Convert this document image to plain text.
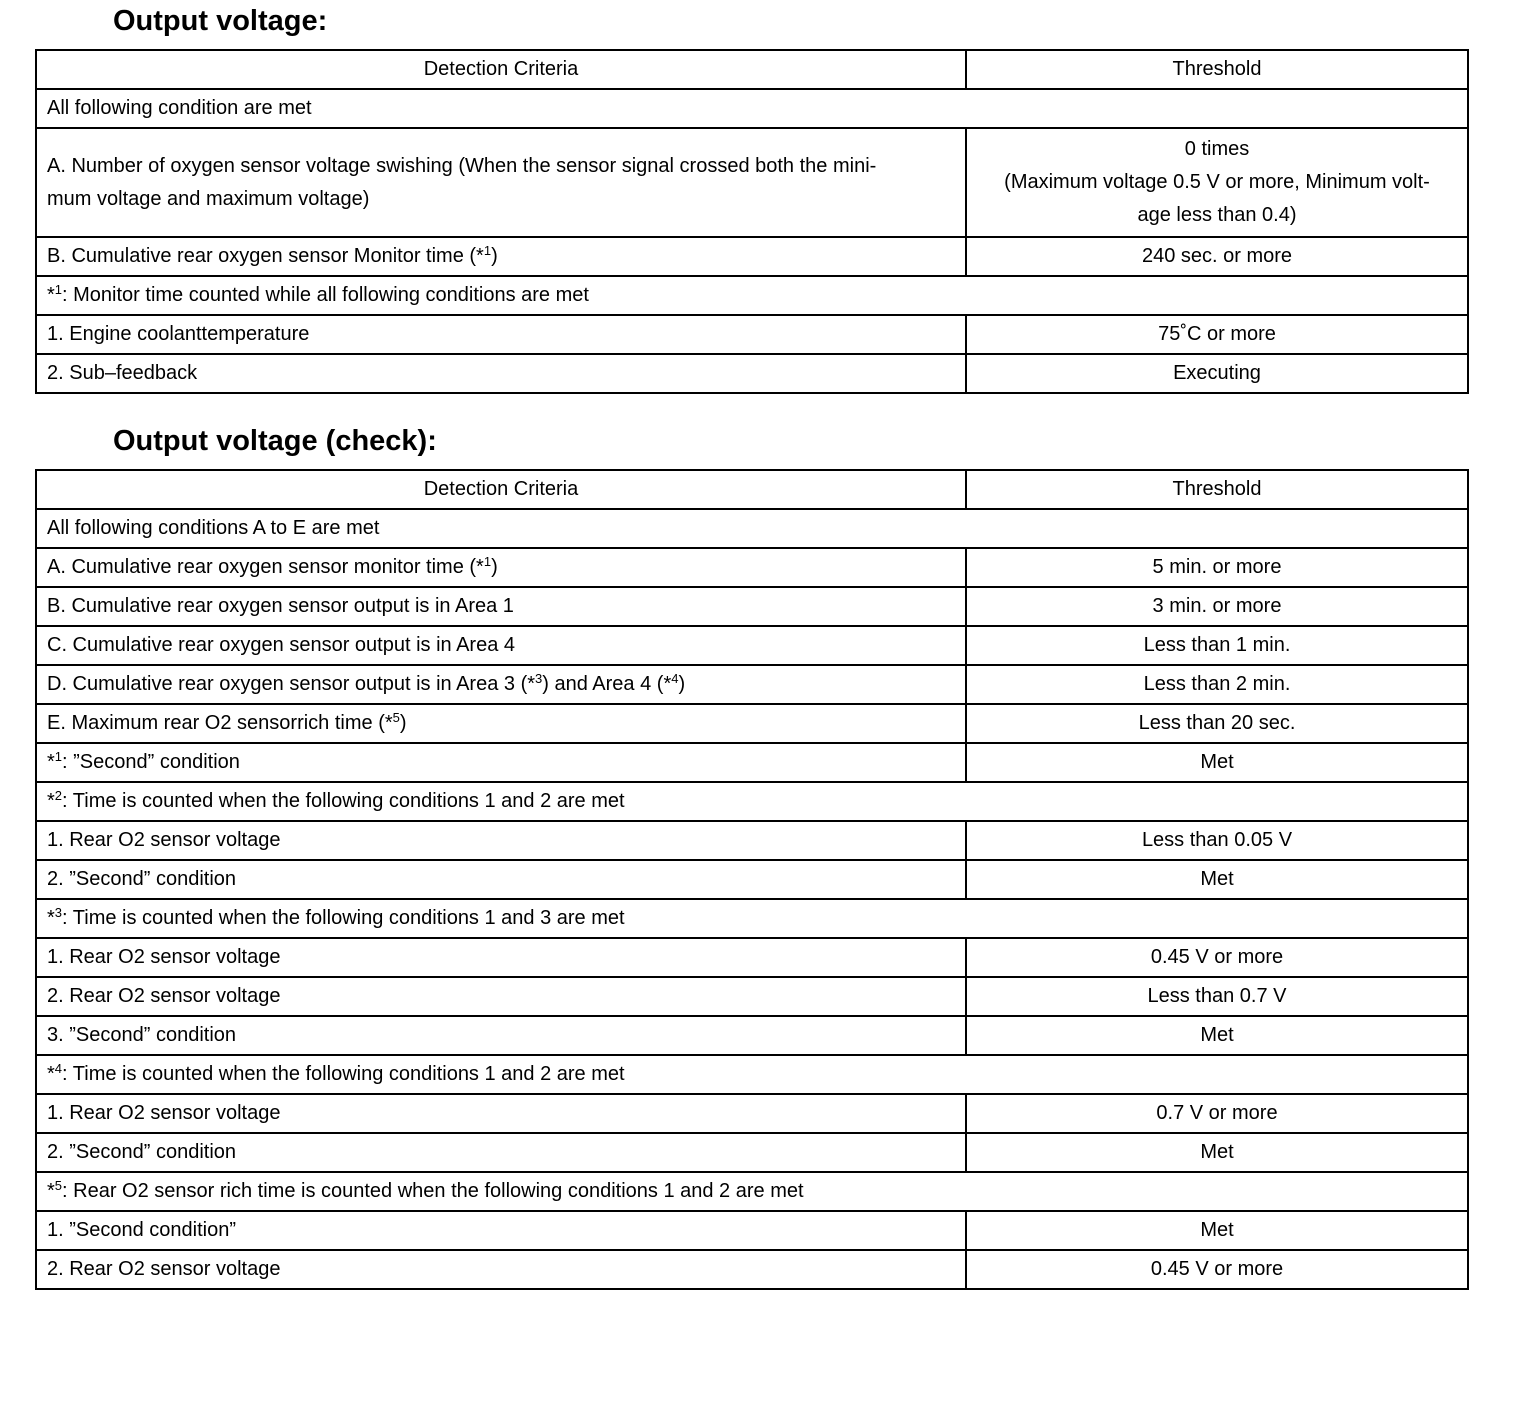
Output voltage:
Detection Criteria	Threshold
All following condition are met	
A. Number of oxygen sensor voltage swishing (When the sensor signal crossed both the mini-
mum voltage and maximum voltage)	0 times
(Maximum voltage 0.5 V or more, Minimum volt-
age less than 0.4)
B. Cumulative rear oxygen sensor Monitor time (*$^1$)	240 sec. or more
*$^1$: Monitor time counted while all following conditions are met	
1. Engine coolanttemperature	75˚C or more
2. Sub–feedback	Executing
Output voltage (check):
Detection Criteria	Threshold
All following conditions A to E are met	
A. Cumulative rear oxygen sensor monitor time (*$^1$)	5 min. or more
B. Cumulative rear oxygen sensor output is in Area 1	3 min. or more
C. Cumulative rear oxygen sensor output is in Area 4	Less than 1 min.
D. Cumulative rear oxygen sensor output is in Area 3 (*$^3$) and Area 4 (*$^4$)	Less than 2 min.
E. Maximum rear O2 sensorrich time (*$^5$)	Less than 20 sec.
*$^1$: ”Second” condition	Met
*$^2$: Time is counted when the following conditions 1 and 2 are met	
1. Rear O2 sensor voltage	Less than 0.05 V
2. ”Second” condition	Met
*$^3$: Time is counted when the following conditions 1 and 3 are met	
1. Rear O2 sensor voltage	0.45 V or more
2. Rear O2 sensor voltage	Less than 0.7 V
3. ”Second” condition	Met
*$^4$: Time is counted when the following conditions 1 and 2 are met	
1. Rear O2 sensor voltage	0.7 V or more
2. ”Second” condition	Met
*$^5$: Rear O2 sensor rich time is counted when the following conditions 1 and 2 are met	
1. ”Second condition”	Met
2. Rear O2 sensor voltage	0.45 V or more
